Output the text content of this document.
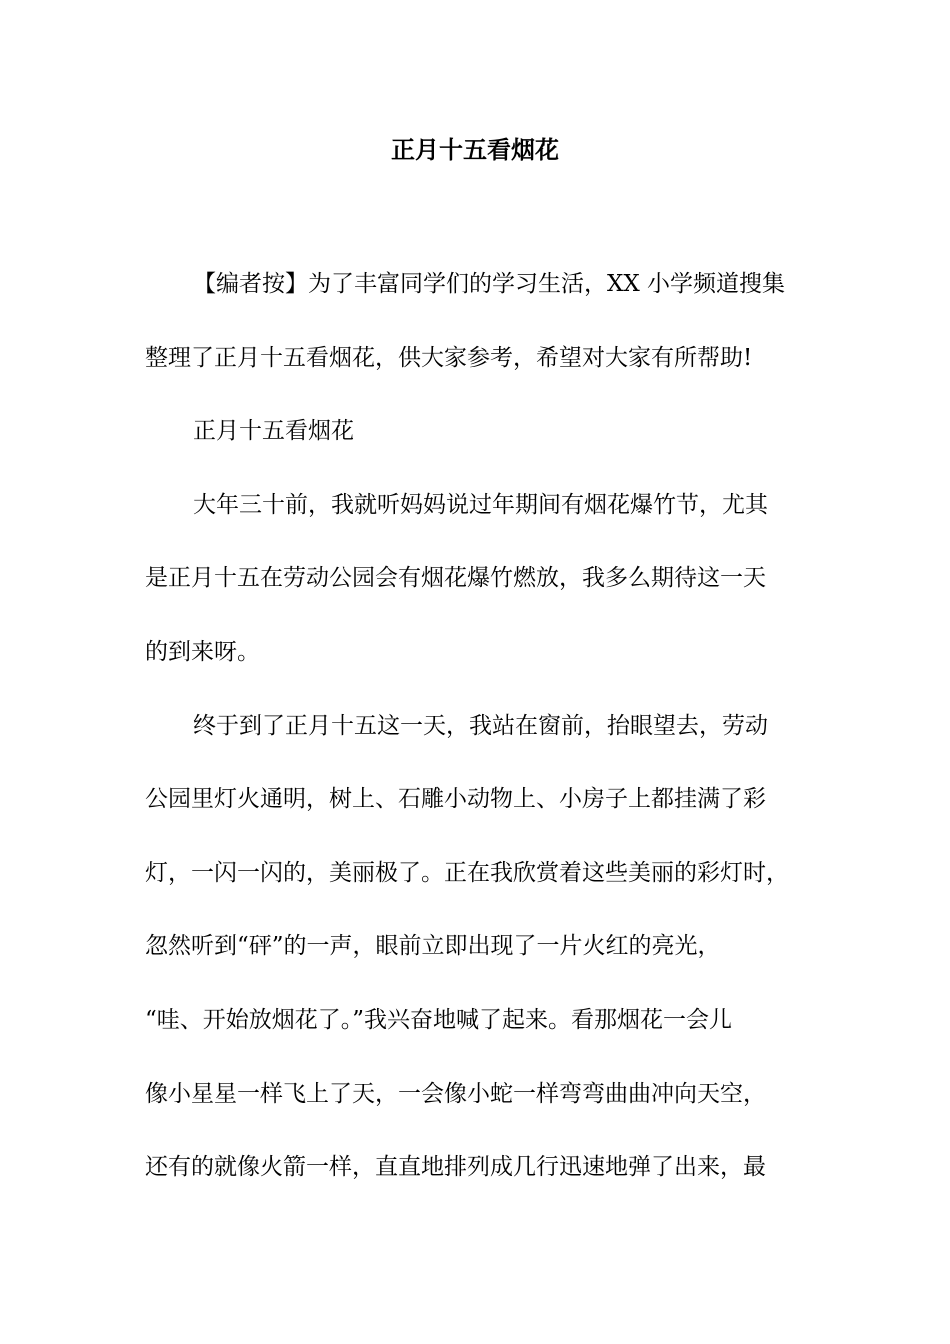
正月十五看烟花
【编者按】为了丰富同学们的学习生活，XX 小学频道搜集
整理了正月十五看烟花，供大家参考，希望对大家有所帮助!
正月十五看烟花
大年三十前，我就听妈妈说过年期间有烟花爆竹节，尤其
是正月十五在劳动公园会有烟花爆竹燃放，我多么期待这一天
的到来呀。
终于到了正月十五这一天，我站在窗前，抬眼望去，劳动
公园里灯火通明，树上、石雕小动物上、小房子上都挂满了彩
灯，一闪一闪的，美丽极了。正在我欣赏着这些美丽的彩灯时，
忽然听到“砰”的一声，眼前立即出现了一片火红的亮光，
“哇、开始放烟花了。”我兴奋地喊了起来。看那烟花一会儿
像小星星一样飞上了天，一会像小蛇一样弯弯曲曲冲向天空，
还有的就像火箭一样，直直地排列成几行迅速地弹了出来，最
